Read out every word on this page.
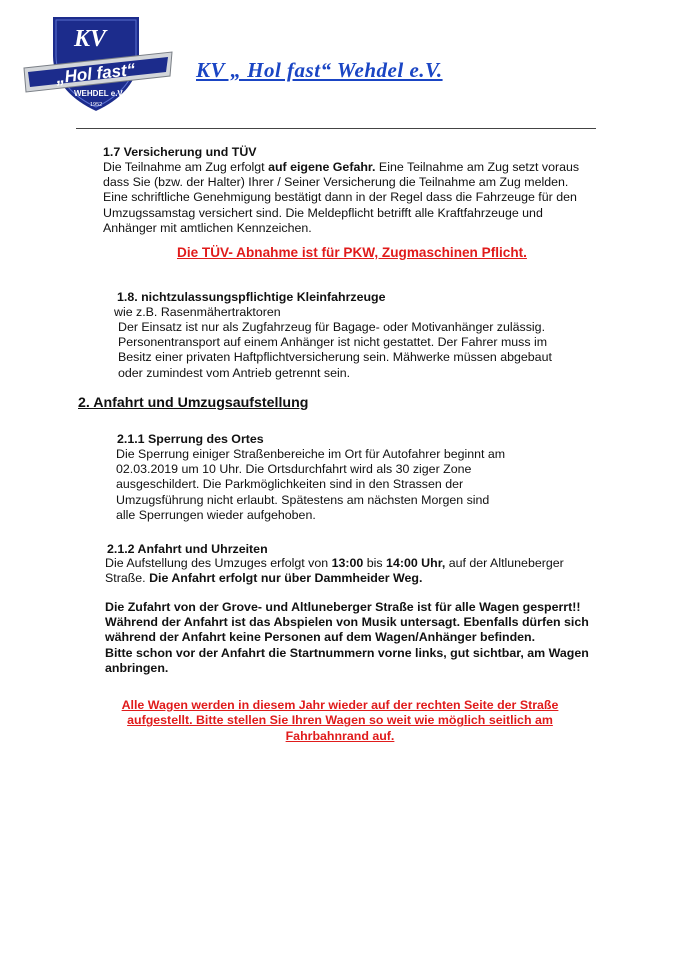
KV
„Hol fast“
WEHDEL e.V.
1952
KV „ Hol fast“ Wehdel e.V.
1.7 Versicherung und TÜV
Die Teilnahme am Zug erfolgt auf eigene Gefahr. Eine Teilnahme am Zug setzt voraus
dass Sie (bzw. der Halter) Ihrer / Seiner Versicherung die Teilnahme am Zug melden.
Eine schriftliche Genehmigung bestätigt dann in der Regel dass die Fahrzeuge für den
Umzugssamstag versichert sind. Die Meldepflicht betrifft alle Kraftfahrzeuge und
Anhänger mit amtlichen Kennzeichen.
Die TÜV- Abnahme ist für PKW, Zugmaschinen Pflicht.
1.8. nichtzulassungspflichtige Kleinfahrzeuge
wie z.B. Rasenmähertraktoren
Der Einsatz ist nur als Zugfahrzeug für Bagage- oder Motivanhänger zulässig.
Personentransport auf einem Anhänger ist nicht gestattet. Der Fahrer muss im
Besitz einer privaten Haftpflichtversicherung sein. Mähwerke müssen abgebaut
oder zumindest vom Antrieb getrennt sein.
2. Anfahrt und Umzugsaufstellung
2.1.1 Sperrung des Ortes
Die Sperrung einiger Straßenbereiche im Ort für Autofahrer beginnt am
02.03.2019 um 10 Uhr. Die Ortsdurchfahrt wird als 30 ziger Zone
ausgeschildert. Die Parkmöglichkeiten sind in den Strassen der
Umzugsführung nicht erlaubt. Spätestens am nächsten Morgen sind
alle Sperrungen wieder aufgehoben.
2.1.2 Anfahrt und Uhrzeiten
Die Aufstellung des Umzuges erfolgt von 13:00 bis 14:00 Uhr, auf der Altluneberger
Straße. Die Anfahrt erfolgt nur über Dammheider Weg.
Die Zufahrt von der Grove- und Altluneberger Straße ist für alle Wagen gesperrt!!
Während der Anfahrt ist das Abspielen von Musik untersagt. Ebenfalls dürfen sich
während der Anfahrt keine Personen auf dem Wagen/Anhänger befinden.
Bitte schon vor der Anfahrt die Startnummern vorne links, gut sichtbar, am Wagen
anbringen.
Alle Wagen werden in diesem Jahr wieder auf der rechten Seite der Straße
aufgestellt. Bitte stellen Sie Ihren Wagen so weit wie möglich seitlich am
Fahrbahnrand auf.
